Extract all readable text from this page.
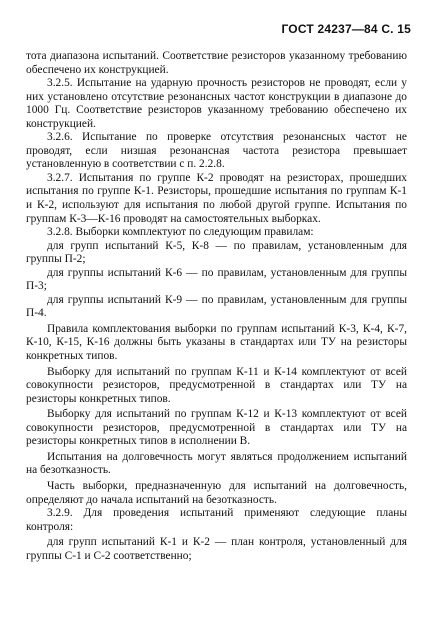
ГОСТ 24237—84 С. 15

тота диапазона испытаний. Соответствие резисторов указанному требованию обеспечено их конструкцией.

3.2.5. Испытание на ударную прочность резисторов не проводят, если у них установлено отсутствие резонансных частот конструкции в диапазоне до 1000 Гц. Соответствие резисторов указанному требованию обеспечено их конструкцией.

3.2.6. Испытание по проверке отсутствия резонансных частот не проводят, если низшая резонансная частота резистора превышает установленную в соответствии с п. 2.2.8.

3.2.7. Испытания по группе К-2 проводят на резисторах, прошедших испытания по группе К-1. Резисторы, прошедшие испытания по группам К-1 и К-2, используют для испытания по любой другой группе. Испытания по группам К-3—К-16 проводят на самостоятельных выборках.

3.2.8. Выборки комплектуют по следующим правилам:

для групп испытаний К-5, К-8 — по правилам, установленным для группы П-2;

для группы испытаний К-6 — по правилам, установленным для группы П-3;

для группы испытаний К-9 — по правилам, установленным для группы П-4.

Правила комплектования выборки по группам испытаний К-3, К-4, К-7, К-10, К-15, К-16 должны быть указаны в стандартах или ТУ на резисторы конкретных типов.

Выборку для испытаний по группам К-11 и К-14 комплектуют от всей совокупности резисторов, предусмотренной в стандартах или ТУ на резисторы конкретных типов.

Выборку для испытаний по группам К-12 и К-13 комплектуют от всей совокупности резисторов, предусмотренной в стандартах или ТУ на резисторы конкретных типов в исполнении В.

Испытания на долговечность могут являться продолжением испытаний на безотказность.

Часть выборки, предназначенную для испытаний на долговечность, определяют до начала испытаний на безотказность.

3.2.9. Для проведения испытаний применяют следующие планы контроля:

для групп испытаний К-1 и К-2 — план контроля, установленный для группы С-1 и С-2 соответственно;
